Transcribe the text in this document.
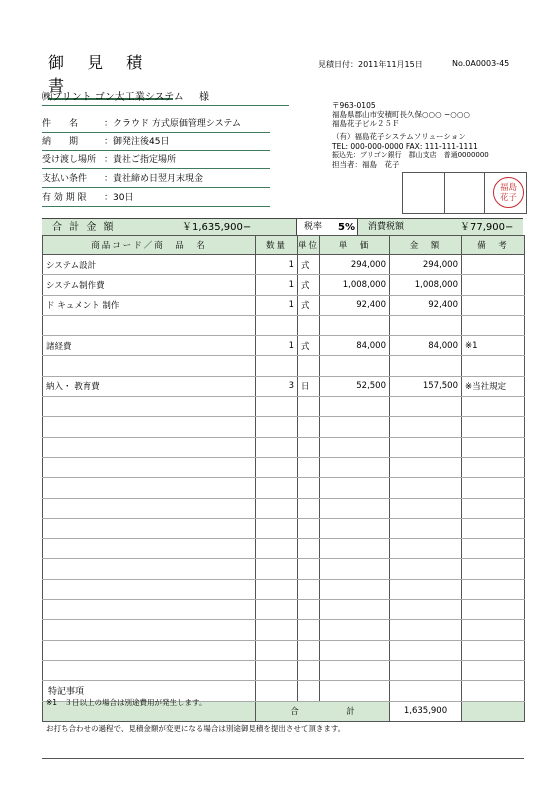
御 見 積 書
見積日付：2011年11月15日	No.0A0003-45
㈱プリント ゴン太工業システム 様
件　　名	：クラウド 方式原価管理システム
納　　期	：御発注後45日
受け渡し場所 ：貴社ご指定場所
支払い条件 ：貴社締め日翌月末現金
有 効 期 限 ：30日
〒963-0105
福島県郡山市安積町長久保○○○ −○○○
福島花子ビル２５Ｆ
（有）福島花子システムソリューション
TEL: 000-000-0000 FAX: 111-111-1111
振込先：ブリゴン銀行　郡山支店　普通0000000
担当者：福島　花子
福島花子
合 計 金 額	￥1,635,900−	税率 5% 消費税額	￥77,900−
商品コード／商　品　名	数量	単位	単　価	金　額	備　考
システム設計	1	式	294,000	294,000	
システム制作費	1	式	1,008,000	1,008,000	
ド キュメント 制作	1	式	92,400	92,400	

諸経費	1	式	84,000	84,000	※1

納入・ 教育費	3	日	52,500	157,500	※当社規定

	合 計			1,635,900	
特記事項
※1　３日以上の場合は別途費用が発生します。
お打ち合わせの過程で、見積金額が変更になる場合は別途御見積を提出させて頂きます。
